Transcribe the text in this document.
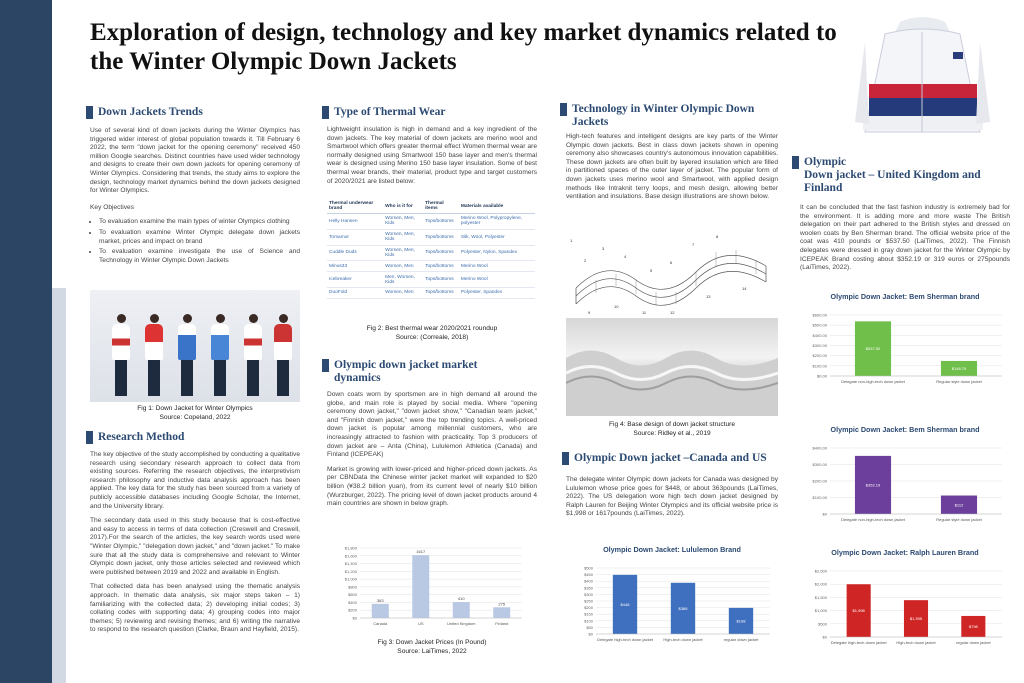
Exploration of design, technology and key market dynamics related to the Winter Olympic Down Jackets
Down Jackets Trends

Use of several kind of down jackets during the Winter Olympics has triggered wider interest of global population towards it. Till February 6 2022, the term "down jacket for the opening ceremony" received 450 million Google searches. Distinct countries have used wider technology and designs to create their own down jackets for opening ceremony of Winter Olympics. Considering that trends, the study aims to explore the design, technology market dynamics behind the down jackets designed for Winter Olympics.

Key Objectives

• To evaluation examine the main types of winter Olympics clothing
• To evaluation examine Winter Olympic delegate down jackets market, prices and impact on brand
• To evaluation examine investigate the use of Science and Technology in Winter Olympic Down Jackets
Fig 1: Down Jacket for Winter Olympics
Source: Copeland, 2022
Research Method

The key objective of the study accomplished by conducting a qualitative research using secondary research approach to collect data from existing sources. Referring the research objectives, the interpretivism research philosophy and inductive data analysis approach has been applied. The key data for the study has been sourced from a variety of publicly accessible databases including Google Scholar, the Internet, and the University library.

The secondary data used in this study because that is cost-effective and easy to access in terms of data collection (Creswell and Creswell, 2017).For the search of the articles, the key search words used were "Winter Olympic," "delegation down jacket," and "down jacket." To make sure that all the study data is comprehensive and relevant to Winter Olympic down jacket, only those articles selected and reviewed which were published between 2019 and 2022 and available in English.

That collected data has been analysed using the thematic analysis approach. In thematic data analysis, six major steps taken – 1) familiarizing with the collected data; 2) developing initial codes; 3) collating codes with supporting data; 4) grouping codes into major themes; 5) reviewing and revising themes; and 6) writing the narrative to respond to the research question (Clarke, Braun and Hayfield, 2015).

Type of Thermal Wear

Lightweight insulation is high in demand and a key ingredient of the down jackets. The key material of down jackets are merino wool and Smartwool which offers greater thermal effect Women thermal wear are normally designed using Smartwool 150 base layer and men's thermal wear is designed using Merino 150 base layer insulation. Some of best thermal wear brands, their material, product type and target customers of 2020/2021 are listed below:

Thermal underwear brand	Who is it for	Thermal items	Materials available
Helly Hansen	Women, Men, Kids	Tops/bottoms	Merino Wool, Polypropylene, polyester
Tomamor	Women, Men, Kids	Tops/bottoms	Silk, Wool, Polyester
Cuddle Duds	Women, Men, Kids	Tops/bottoms	Polyester, Nylon, Spandex
Minus33	Women, Men	Tops/bottoms	Merino Wool
Icebreaker	Men, Women, Kids	Tops/bottoms	Merino Wool
DuoFold	Women, Men	Tops/bottoms	Polyester, Spandex
Fig 2: Best thermal wear 2020/2021 roundup
Source: (Correale, 2018)
Olympic down jacket market
dynamics

Down coats worn by sportsmen are in high demand all around the globe, and main role is played by social media. Where "opening ceremony down jacket," "down jacket show," "Canadian team jacket," and "Finnish down jacket," were the top trending topics. A well-priced down jacket is popular among millennial customers, who are increasingly attracted to fashion with practicality. Top 3 producers of down jacket are – Anta (China), Lululemon Athletica (Canada) and Finland (ICEPEAK)

Market is growing with lower-priced and higher-priced down jackets. As per CBNData the Chinese winter jacket market will expanded to $20 billion (¥38.2 billion yuan), from its current level of nearly $10 billion (Wurzburger, 2022). The pricing level of down jacket products around 4 main countries are shown in below graph.

$0
$200
$400
$600
$800
$1,000
$1,200
$1,400
$1,600
$1,800
363
Canada
1617
US
410
United Kingdom
275
Finland
Fig 3: Down Jacket Prices (In Pound)
Source: LaiTimes, 2022
Technology in Winter Olympic Down
Jackets

High-tech features and intelligent designs are key parts of the Winter Olympic down jackets. Best in class down jackets shown in opening ceremony also showcases country's autonomous innovation capabilities. These down jackets are often built by layered insulation which are filled in partitioned spaces of the outer layer of jacket. The popular form of down jackets uses merino wool and Smartwool, with applied design methods like Intraknit terry loops, and mesh design, allowing better ventilation and insulations. Base design illustrations are shown below.

1
2
3
4
5
6
7
8
9
10
11	12
13
14
Fig 4: Base design of down jacket structure
Source: Ridley et al., 2019
Olympic Down jacket –Canada and US

The delegate winter Olympic down jackets for Canada was designed by Lululemon whose price goes for $448, or about 363pounds (LaiTimes, 2022). The US delegation wore high tech down jacket designed by Ralph Lauren for Beijing Winter Olympics and its official website price is $1,998 or 1617pounds (LaiTimes, 2022).

Olympic Down Jacket: Lululemon Brand
$0
$50
$100
$150
$200
$250
$300
$350
$400
$450
$500
$448
Delegate high-tech down jacket
$388
High-tech down jacket
$198
regular down jacket
Olympic
Down jacket – United Kingdom and
Finland

It can be concluded that the fast fashion industry is extremely bad for the environment. It is adding more and more waste The British delegation on their part adhered to the British styles and dressed on woolen coats by Ben Sherman brand. The official website price of the coat was 410 pounds or $537.50 (LaiTimes, 2022). The Finnish delegates were dressed in gray down jacket for the Winter Olympic by ICEPEAK Brand costing about $352.19 or 319 euros or 275pounds (LaiTimes, 2022).

Olympic Down Jacket: Bem Sherman brand
$0.00
$100.00
$200.00
$300.00
$400.00
$500.00
$600.00
$537.50
Delegate non-high-tech down jacket
$148.70
Regular style down jacket
Olympic Down Jacket: Bem Sherman brand
$0
$100.00
$200.00
$300.00
$400.00
$352.19
Delegate non-high-tech down jacket
$112
Regular style down jacket
Olympic Down Jacket: Ralph Lauren Brand
$0
$500
$1,000
$1,500
$2,000
$2,500
$1,998
Delegate high-tech down jacket
$1,395
High-tech down jacket
$798
regular down jacket
